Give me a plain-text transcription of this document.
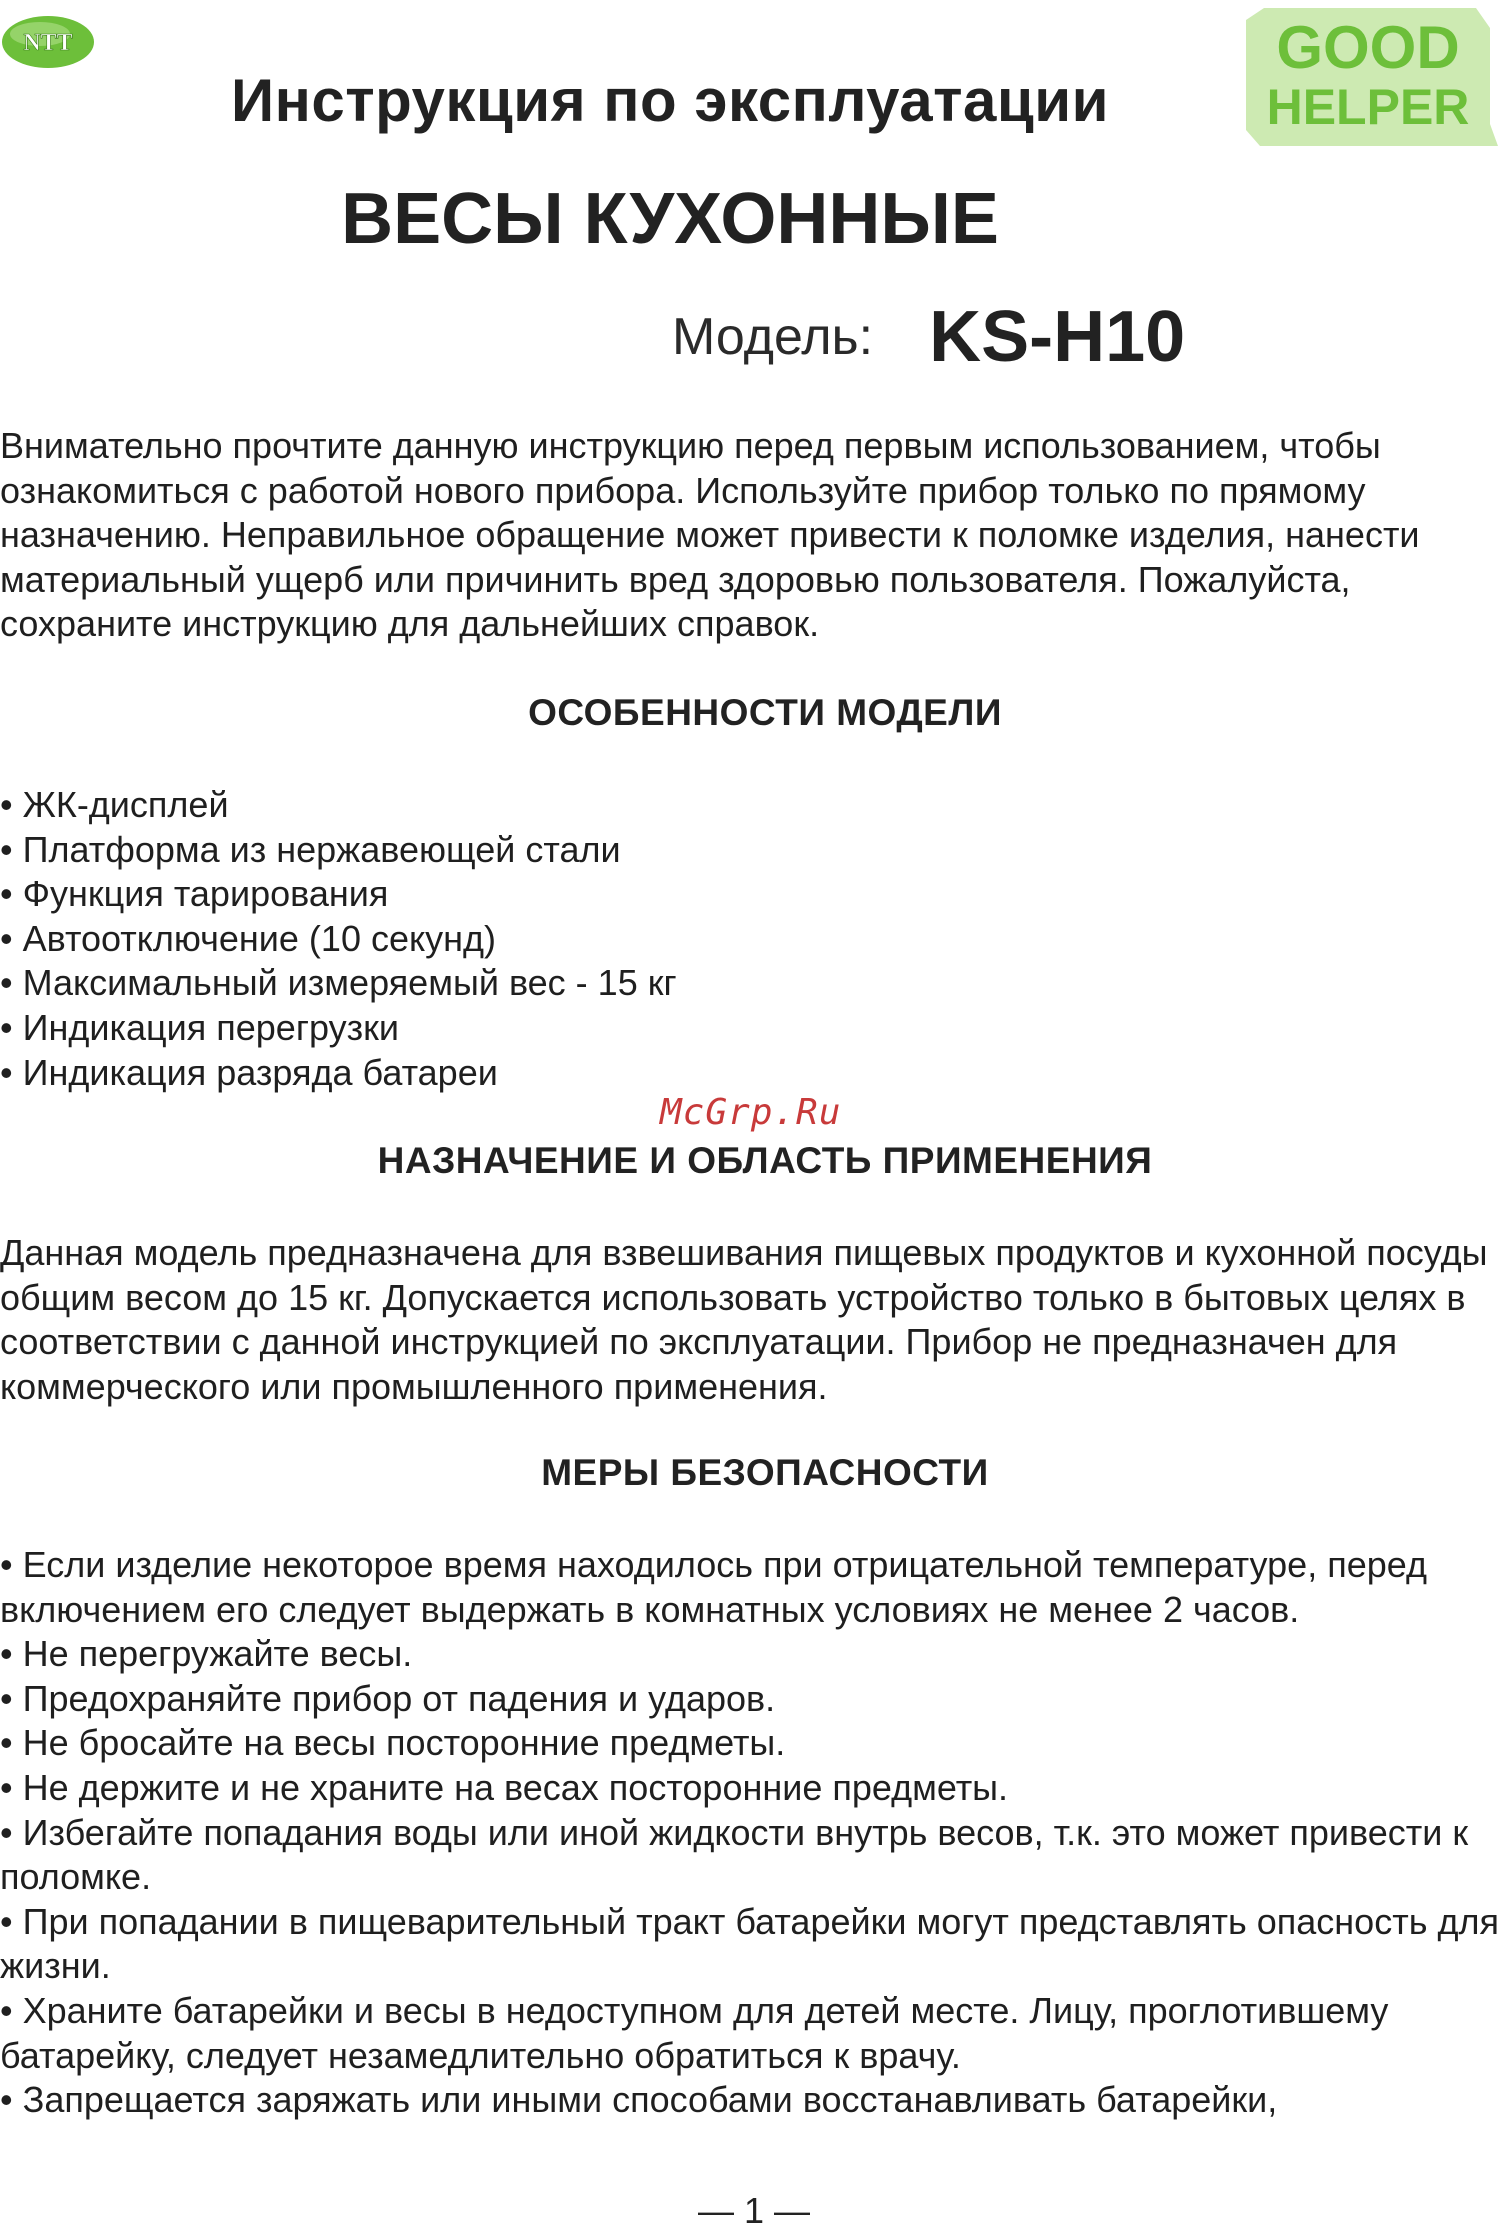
NTT	GOOD
HELPER
Инструкция по эксплуатации
ВЕСЫ КУХОННЫЕ
Модель: KS-H10
Внимательно прочтите данную инструкцию перед первым использованием, чтобы ознакомиться с работой нового прибора. Используйте прибор только по прямому назначению. Неправильное обращение может привести к поломке изделия, нанести материальный ущерб или причинить вред здоровью пользователя. Пожалуйста, сохраните инструкцию для дальнейших справок.
ОСОБЕННОСТИ МОДЕЛИ
• ЖК-дисплей
• Платформа из нержавеющей стали
• Функция тарирования
• Автоотключение (10 секунд)
• Максимальный измеряемый вес - 15 кг
• Индикация перегрузки
• Индикация разряда батареи
McGrp.Ru
НАЗНАЧЕНИЕ И ОБЛАСТЬ ПРИМЕНЕНИЯ
Данная модель предназначена для взвешивания пищевых продуктов и кухонной посуды общим весом до 15 кг. Допускается использовать устройство только в бытовых целях в соответствии с данной инструкцией по эксплуатации. Прибор не предназначен для коммерческого или промышленного применения.
МЕРЫ БЕЗОПАСНОСТИ
• Если изделие некоторое время находилось при отрицательной температуре, перед включением его следует выдержать в комнатных условиях не менее 2 часов.
• Не перегружайте весы.
• Предохраняйте прибор от падения и ударов.
• Не бросайте на весы посторонние предметы.
• Не держите и не храните на весах посторонние предметы.
• Избегайте попадания воды или иной жидкости внутрь весов, т.к. это может привести к поломке.
• При попадании в пищеварительный тракт батарейки могут представлять опасность для жизни.
• Храните батарейки и весы в недоступном для детей месте. Лицу, проглотившему батарейку, следует незамедлительно обратиться к врачу.
• Запрещается заряжать или иными способами восстанавливать батарейки,
— 1 —
